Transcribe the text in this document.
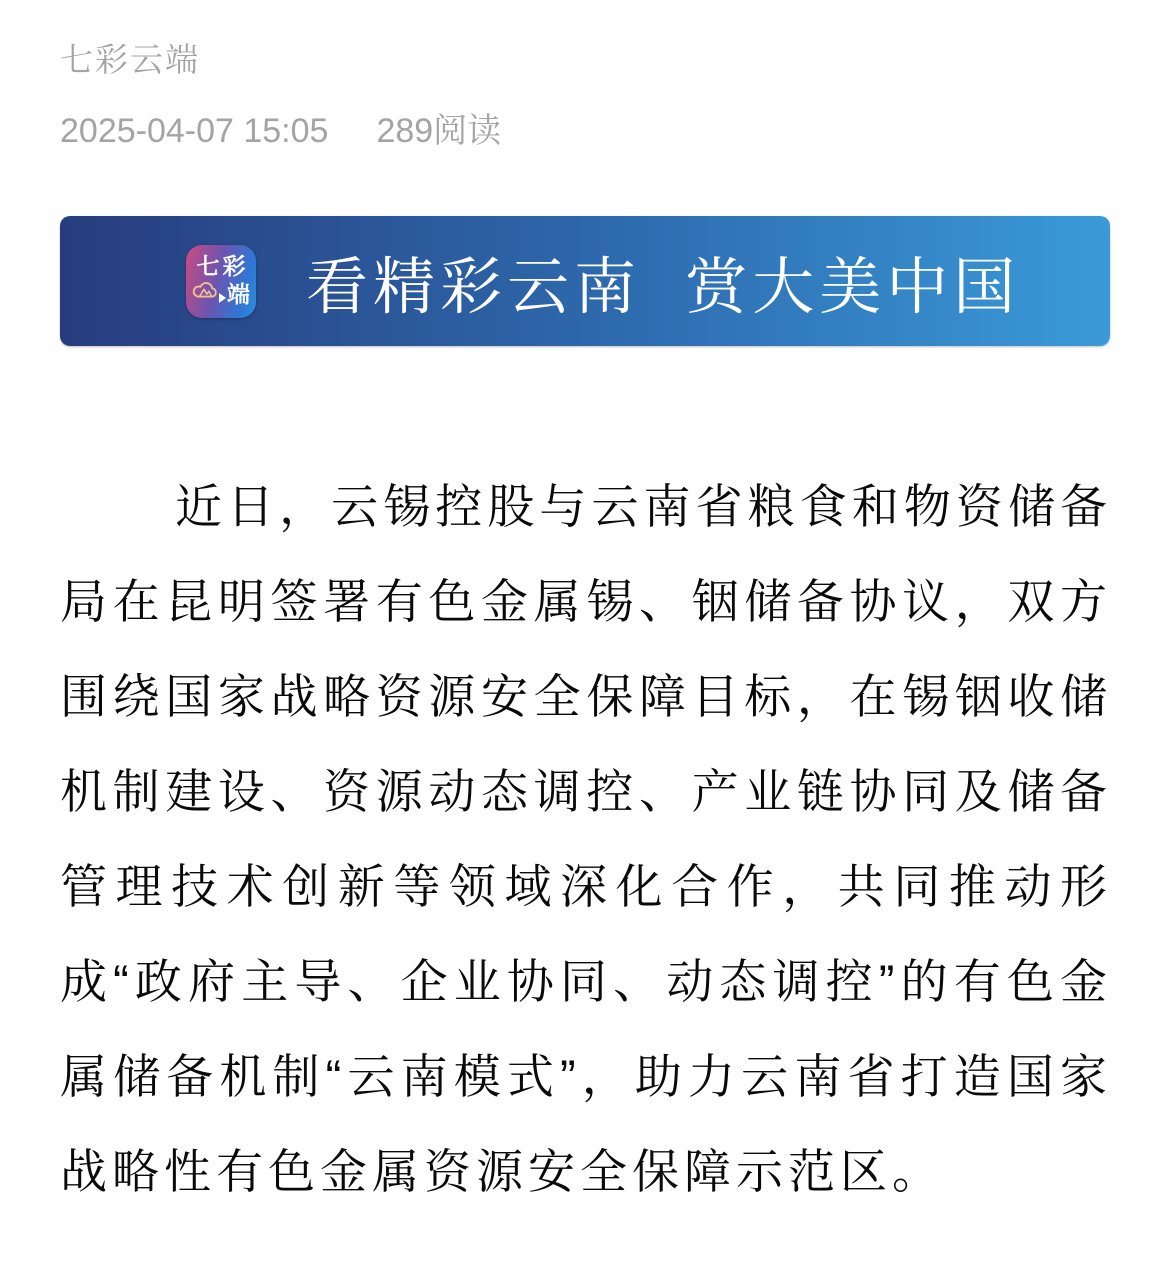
七彩云端
2025-04-07 15:05 289阅读
七彩
端 看精彩云南 赏大美中国

近日，云锡控股与云南省粮食和物资储备局在昆明签署有色金属锡、铟储备协议，双方围绕国家战略资源安全保障目标，在锡铟收储机制建设、资源动态调控、产业链协同及储备管理技术创新等领域深化合作，共同推动形成“政府主导、企业协同、动态调控”的有色金属储备机制“云南模式”，助力云南省打造国家战略性有色金属资源安全保障示范区。
